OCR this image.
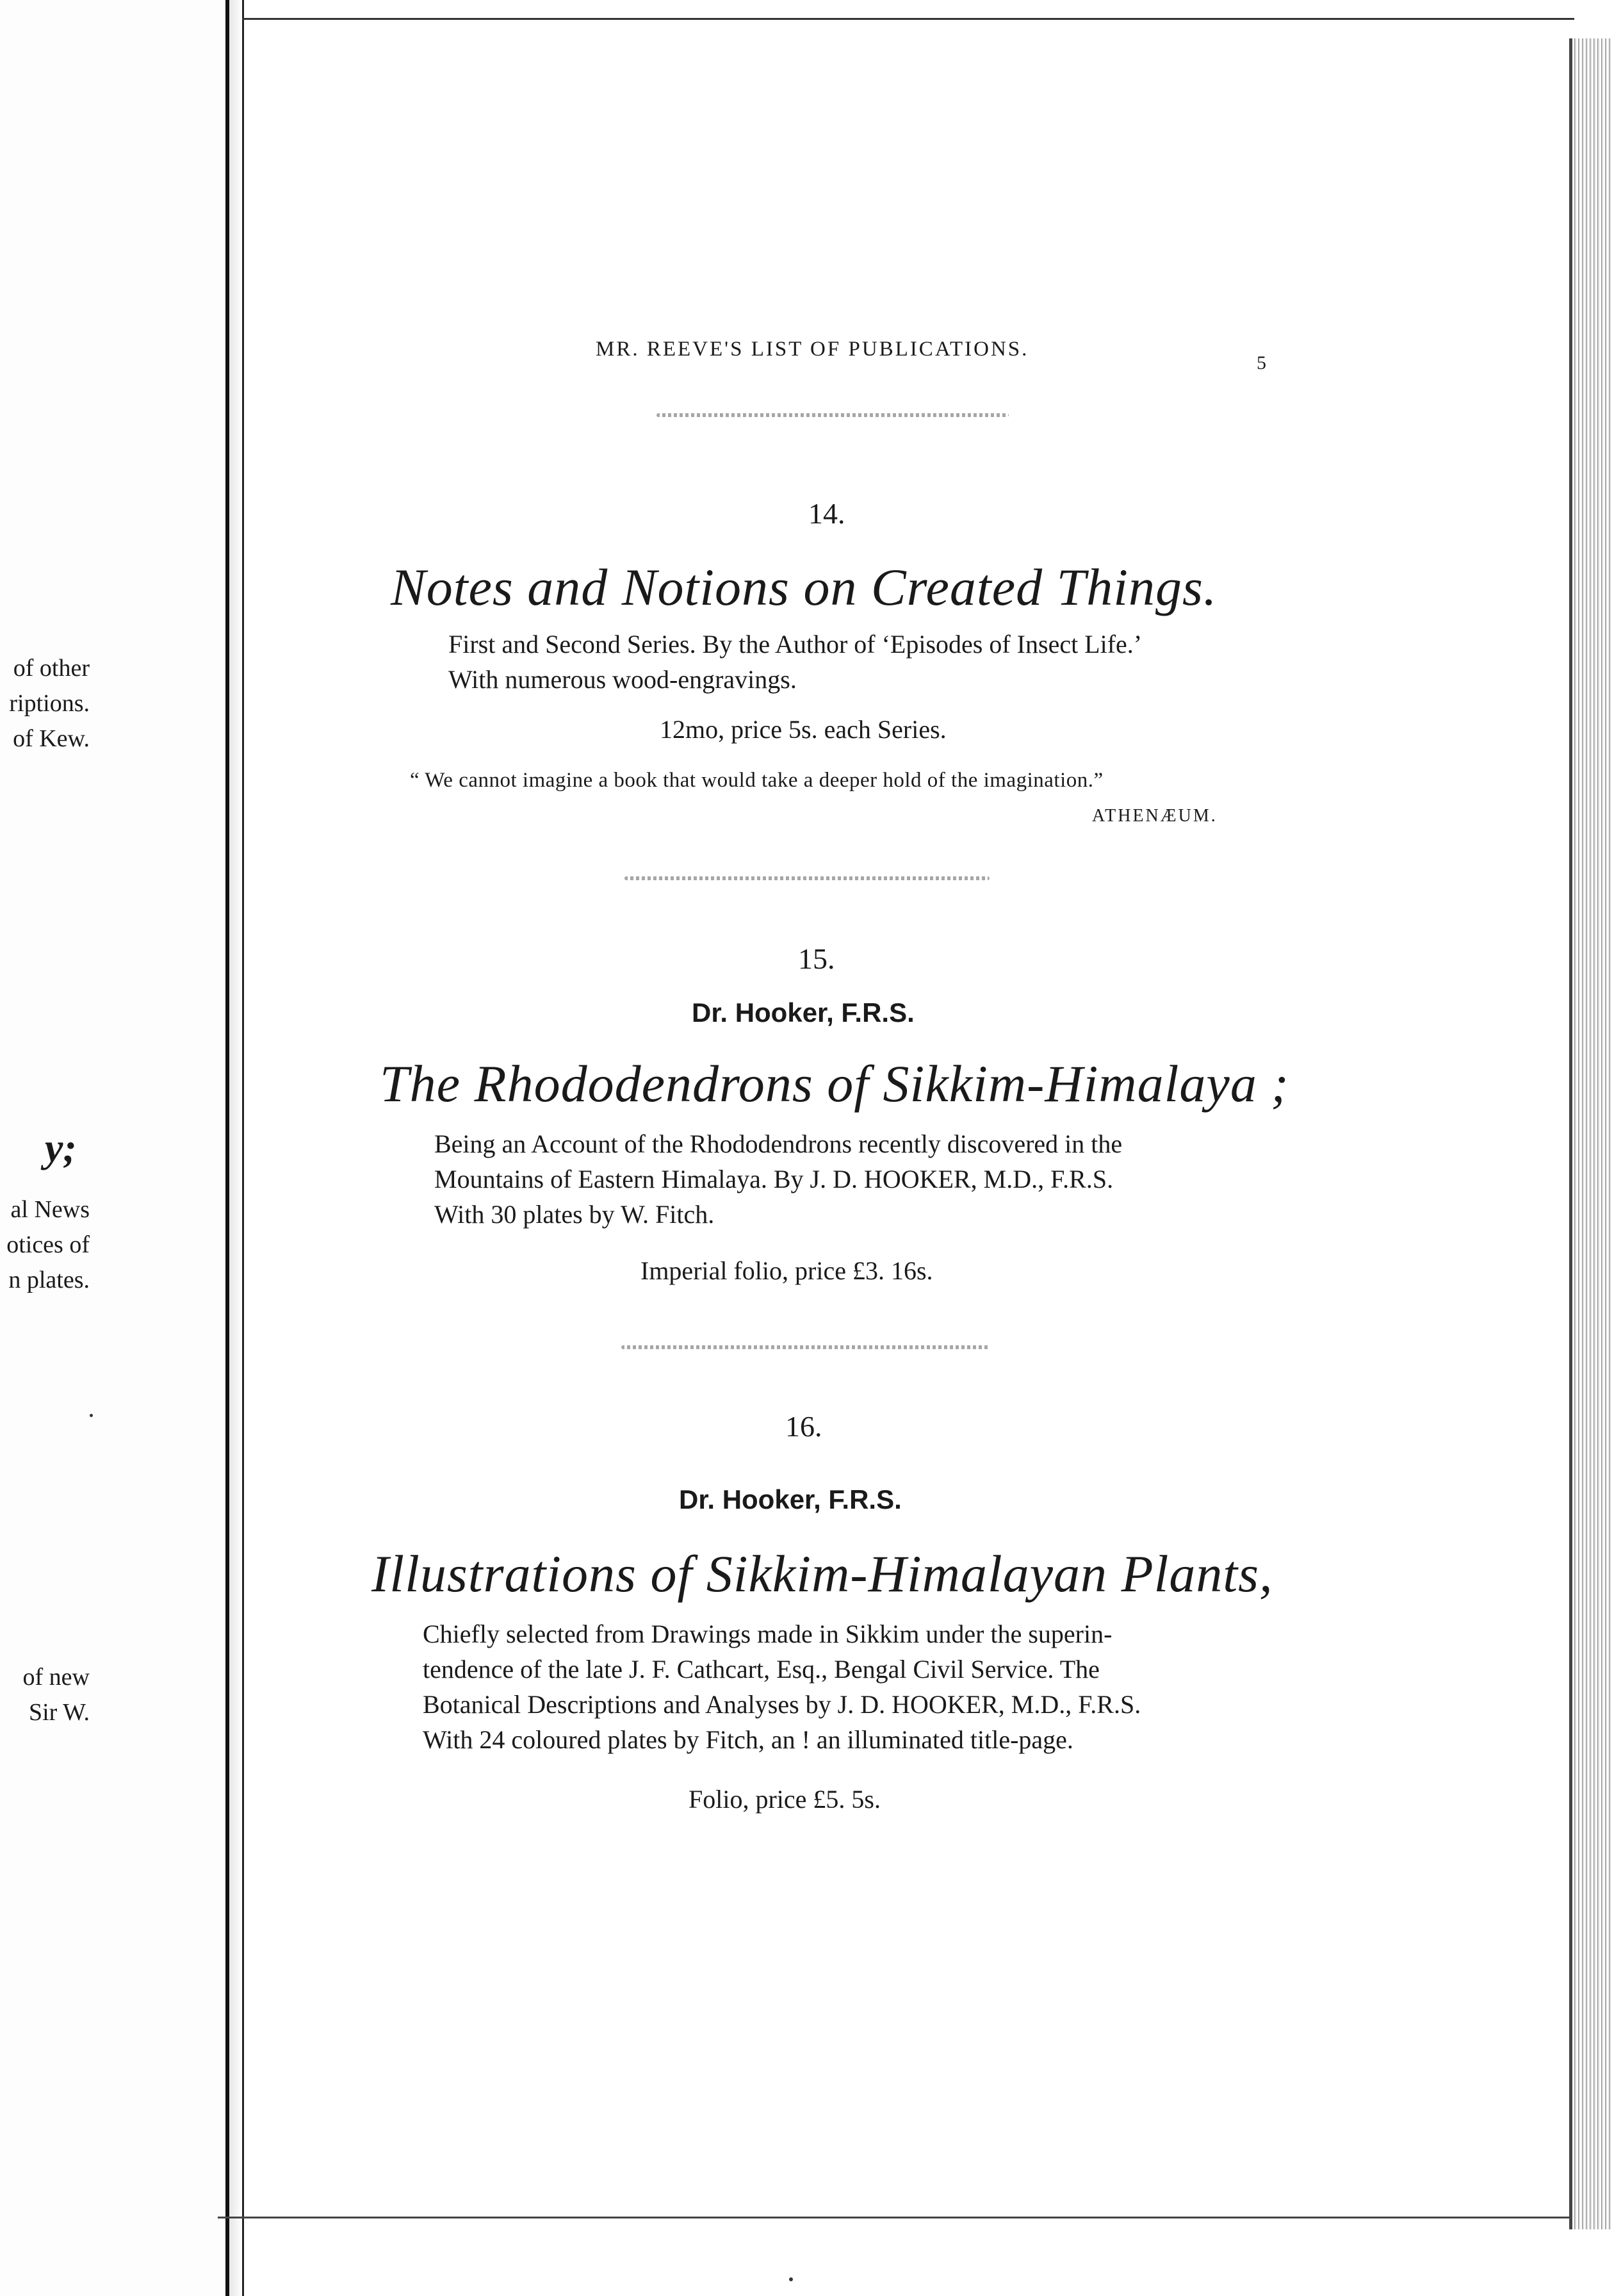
of other
riptions.
of Kew.
y;
al News
otices of
n plates.
of new
Sir W.
MR. REEVE'S LIST OF PUBLICATIONS.
5
14.
Notes and Notions on Created Things.
First and Second Series. By the Author of ‘Episodes of Insect Life.’
With numerous wood-engravings.
12mo, price 5s. each Series.
“ We cannot imagine a book that would take a deeper hold of the imagination.”
ATHENÆUM.
15.
Dr. Hooker, F.R.S.
The Rhododendrons of Sikkim-Himalaya ;
Being an Account of the Rhododendrons recently discovered in the
Mountains of Eastern Himalaya. By J. D. HOOKER, M.D., F.R.S.
With 30 plates by W. Fitch.
Imperial folio, price £3. 16s.
16.
Dr. Hooker, F.R.S.
Illustrations of Sikkim-Himalayan Plants,
Chiefly selected from Drawings made in Sikkim under the superin-
tendence of the late J. F. Cathcart, Esq., Bengal Civil Service. The
Botanical Descriptions and Analyses by J. D. HOOKER, M.D., F.R.S.
With 24 coloured plates by Fitch, an ! an illuminated title-page.
Folio, price £5. 5s.
